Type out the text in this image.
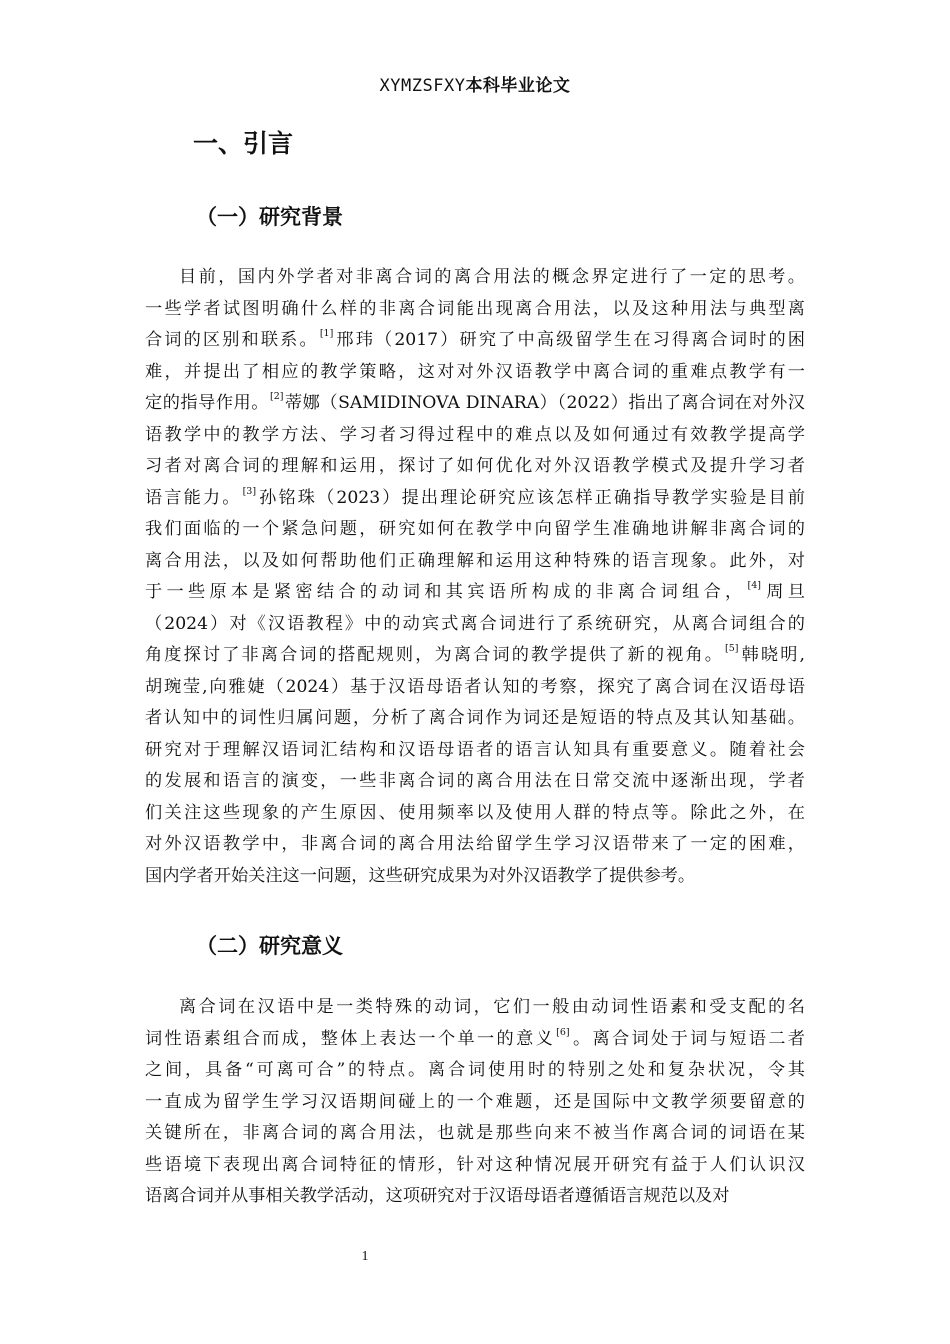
XYMZSFXY本科毕业论文
一、引言
（一）研究背景
目前，国内外学者对非离合词的离合用法的概念界定进行了一定的思考。
一些学者试图明确什么样的非离合词能出现离合用法，以及这种用法与典型离
合词的区别和联系。[1]邢玮（2017）研究了中高级留学生在习得离合词时的困
难，并提出了相应的教学策略，这对对外汉语教学中离合词的重难点教学有一
定的指导作用。[2]蒂娜（SAMIDINOVA DINARA）（2022）指出了离合词在对外汉
语教学中的教学方法、学习者习得过程中的难点以及如何通过有效教学提高学
习者对离合词的理解和运用，探讨了如何优化对外汉语教学模式及提升学习者
语言能力。[3]孙铭珠（2023）提出理论研究应该怎样正确指导教学实验是目前
我们面临的一个紧急问题，研究如何在教学中向留学生准确地讲解非离合词的
离合用法，以及如何帮助他们正确理解和运用这种特殊的语言现象。此外，对
于一些原本是紧密结合的动词和其宾语所构成的非离合词组合，[4]周旦
（2024）对《汉语教程》中的动宾式离合词进行了系统研究，从离合词组合的
角度探讨了非离合词的搭配规则，为离合词的教学提供了新的视角。[5]韩晓明,
胡琬莹,向雅婕（2024）基于汉语母语者认知的考察，探究了离合词在汉语母语
者认知中的词性归属问题，分析了离合词作为词还是短语的特点及其认知基础。
研究对于理解汉语词汇结构和汉语母语者的语言认知具有重要意义。随着社会
的发展和语言的演变，一些非离合词的离合用法在日常交流中逐渐出现，学者
们关注这些现象的产生原因、使用频率以及使用人群的特点等。除此之外，在
对外汉语教学中，非离合词的离合用法给留学生学习汉语带来了一定的困难，
国内学者开始关注这一问题，这些研究成果为对外汉语教学了提供参考。
（二）研究意义
离合词在汉语中是一类特殊的动词，它们一般由动词性语素和受支配的名
词性语素组合而成，整体上表达一个单一的意义[6]。离合词处于词与短语二者
之间，具备“可离可合”的特点。离合词使用时的特别之处和复杂状况，令其
一直成为留学生学习汉语期间碰上的一个难题，还是国际中文教学须要留意的
关键所在，非离合词的离合用法，也就是那些向来不被当作离合词的词语在某
些语境下表现出离合词特征的情形，针对这种情况展开研究有益于人们认识汉
语离合词并从事相关教学活动，这项研究对于汉语母语者遵循语言规范以及对
1
